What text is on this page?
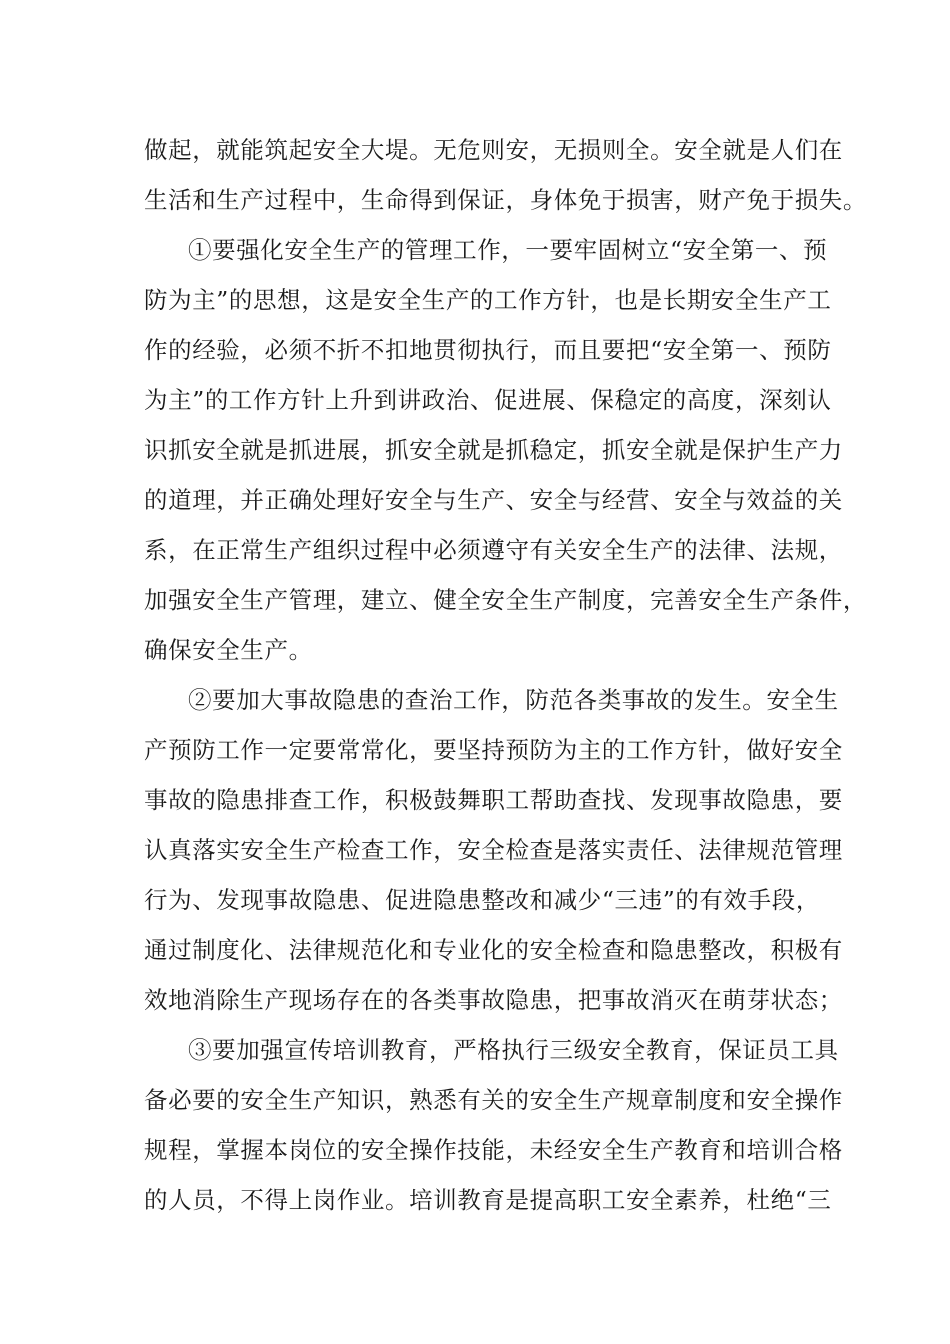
做起，就能筑起安全大堤。无危则安，无损则全。安全就是人们在
生活和生产过程中，生命得到保证，身体免于损害，财产免于损失。
①要强化安全生产的管理工作，一要牢固树立“安全第一、预
防为主”的思想，这是安全生产的工作方针，也是长期安全生产工
作的经验，必须不折不扣地贯彻执行，而且要把“安全第一、预防
为主”的工作方针上升到讲政治、促进展、保稳定的高度，深刻认
识抓安全就是抓进展，抓安全就是抓稳定，抓安全就是保护生产力
的道理，并正确处理好安全与生产、安全与经营、安全与效益的关
系，在正常生产组织过程中必须遵守有关安全生产的法律、法规，
加强安全生产管理，建立、健全安全生产制度，完善安全生产条件，
确保安全生产。
②要加大事故隐患的查治工作，防范各类事故的发生。安全生
产预防工作一定要常常化，要坚持预防为主的工作方针，做好安全
事故的隐患排查工作，积极鼓舞职工帮助查找、发现事故隐患，要
认真落实安全生产检查工作，安全检查是落实责任、法律规范管理
行为、发现事故隐患、促进隐患整改和减少“三违”的有效手段，
通过制度化、法律规范化和专业化的安全检查和隐患整改，积极有
效地消除生产现场存在的各类事故隐患，把事故消灭在萌芽状态；
③要加强宣传培训教育，严格执行三级安全教育，保证员工具
备必要的安全生产知识，熟悉有关的安全生产规章制度和安全操作
规程，掌握本岗位的安全操作技能，未经安全生产教育和培训合格
的人员，不得上岗作业。培训教育是提高职工安全素养，杜绝“三
